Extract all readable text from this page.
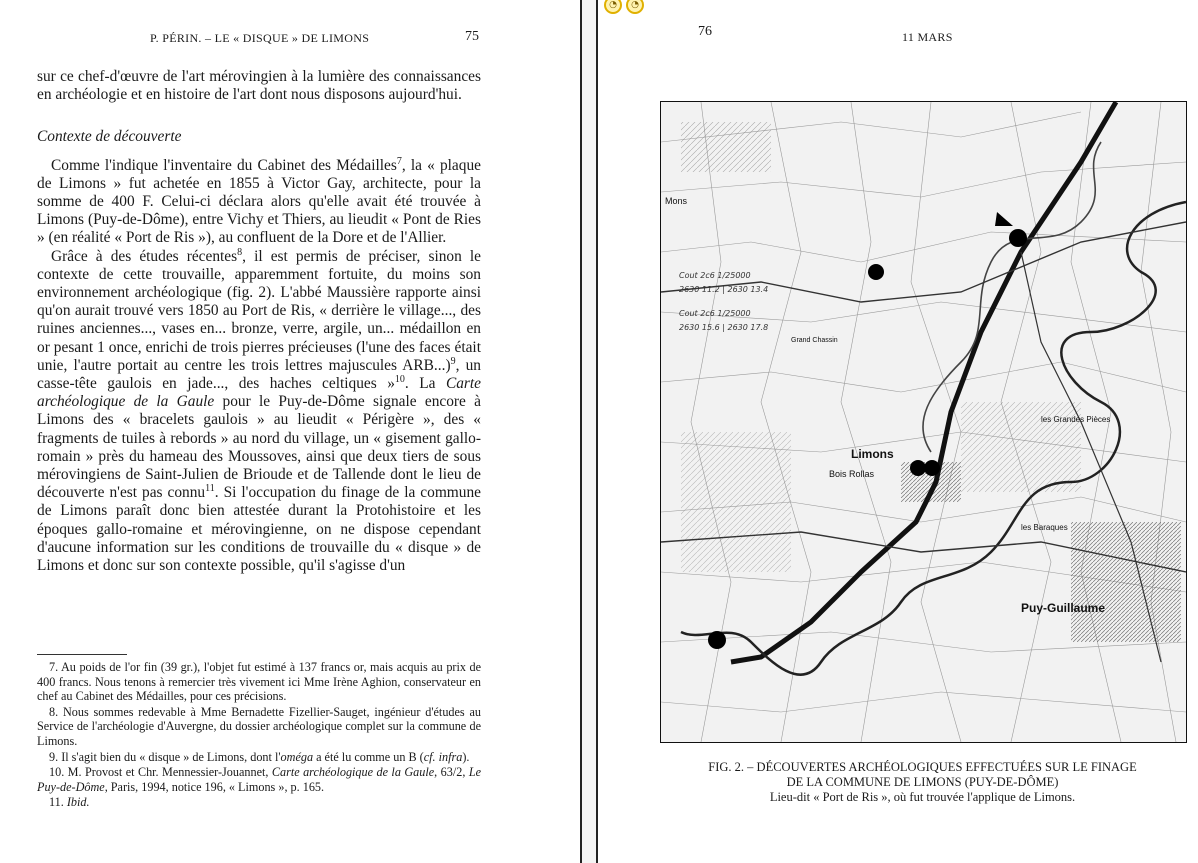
P. PÉRIN. – LE « DISQUE » DE LIMONS	75

sur ce chef-d'œuvre de l'art mérovingien à la lumière des connaissances en archéologie et en histoire de l'art dont nous disposons aujourd'hui.

Contexte de découverte

Comme l'indique l'inventaire du Cabinet des Médailles$^7$, la « plaque de Limons » fut achetée en 1855 à Victor Gay, architecte, pour la somme de 400 F. Celui-ci déclara alors qu'elle avait été trouvée à Limons (Puy-de-Dôme), entre Vichy et Thiers, au lieudit « Pont de Ries » (en réalité « Port de Ris »), au confluent de la Dore et de l'Allier.

Grâce à des études récentes$^8$, il est permis de préciser, sinon le contexte de cette trouvaille, apparemment fortuite, du moins son environnement archéologique (fig. 2). L'abbé Maussière rapporte ainsi qu'on aurait trouvé vers 1850 au Port de Ris, « derrière le village..., des ruines anciennes..., vases en... bronze, verre, argile, un... médaillon en or pesant 1 once, enrichi de trois pierres précieuses (l'une des faces était unie, l'autre portait au centre les trois lettres majuscules ARB...)$^9$, un casse-tête gaulois en jade..., des haches celtiques »$^{10}$. La Carte archéologique de la Gaule pour le Puy-de-Dôme signale encore à Limons des « bracelets gaulois » au lieudit « Périgère », des « fragments de tuiles à rebords » au nord du village, un « gisement gallo-romain » près du hameau des Moussoves, ainsi que deux tiers de sous mérovingiens de Saint-Julien de Brioude et de Tallende dont le lieu de découverte n'est pas connu$^{11}$. Si l'occupation du finage de la commune de Limons paraît donc bien attestée durant la Protohistoire et les époques gallo-romaine et mérovingienne, on ne dispose cependant d'aucune information sur les conditions de trouvaille du « disque » de Limons et donc sur son contexte possible, qu'il s'agisse d'un

7. Au poids de l'or fin (39 gr.), l'objet fut estimé à 137 francs or, mais acquis au prix de 400 francs. Nous tenons à remercier très vivement ici Mme Irène Aghion, conservateur en chef au Cabinet des Médailles, pour ces précisions.

8. Nous sommes redevable à Mme Bernadette Fizellier-Sauget, ingénieur d'études au Service de l'archéologie d'Auvergne, du dossier archéologique complet sur la commune de Limons.

9. Il s'agit bien du « disque » de Limons, dont l'oméga a été lu comme un B (cf. infra).

10. M. Provost et Chr. Mennessier-Jouannet, Carte archéologique de la Gaule, 63/2, Le Puy-de-Dôme, Paris, 1994, notice 196, « Limons », p. 165.

11. Ibid.

◔	◔
76	11 MARS
Cout 2c6 1/25000
2630 11.2 | 2630 13.4
Cout 2c6 1/25000
2630 15.6 | 2630 17.8
Mons
Limons
Puy-Guillaume
les Grandes Pièces
les Baraques
Bois Rollas
Grand Chassin
FIG. 2. – DÉCOUVERTES ARCHÉOLOGIQUES EFFECTUÉES SUR LE FINAGE
DE LA COMMUNE DE LIMONS (PUY-DE-DÔME)
Lieu-dit « Port de Ris », où fut trouvée l'applique de Limons.
